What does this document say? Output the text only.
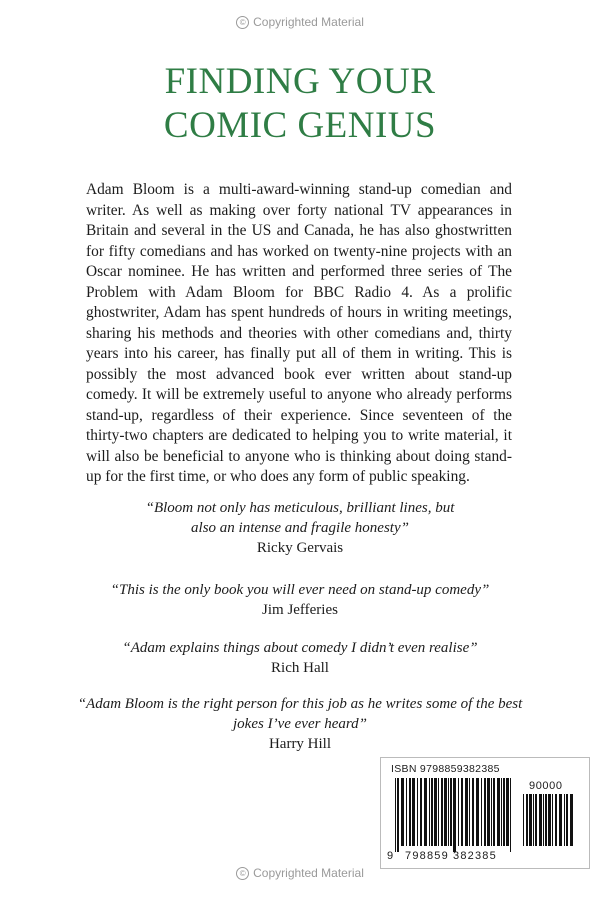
© Copyrighted Material
FINDING YOUR
COMIC GENIUS

Adam Bloom is a multi-award-winning stand-up comedian and writer. As well as making over forty national TV appearances in Britain and several in the US and Canada, he has also ghostwritten for fifty comedians and has worked on twenty-nine projects with an Oscar nominee. He has written and performed three series of The Problem with Adam Bloom for BBC Radio 4. As a prolific ghostwriter, Adam has spent hundreds of hours in writing meetings, sharing his methods and theories with other comedians and, thirty years into his career, has finally put all of them in writing. This is possibly the most advanced book ever written about stand-up comedy. It will be extremely useful to anyone who already performs stand-up, regardless of their experience. Since seventeen of the thirty-two chapters are dedicated to helping you to write material, it will also be beneficial to anyone who is thinking about doing stand-up for the first time, or who does any form of public speaking.

“Bloom not only has meticulous, brilliant lines, but also an intense and fragile honesty”
Ricky Gervais
“This is the only book you will ever need on stand-up comedy”
Jim Jefferies
“Adam explains things about comedy I didn’t even realise”
Rich Hall
“Adam Bloom is the right person for this job as he writes some of the best jokes I’ve ever heard”
Harry Hill
ISBN 9798859382385
90000
9 798859 382385
© Copyrighted Material
